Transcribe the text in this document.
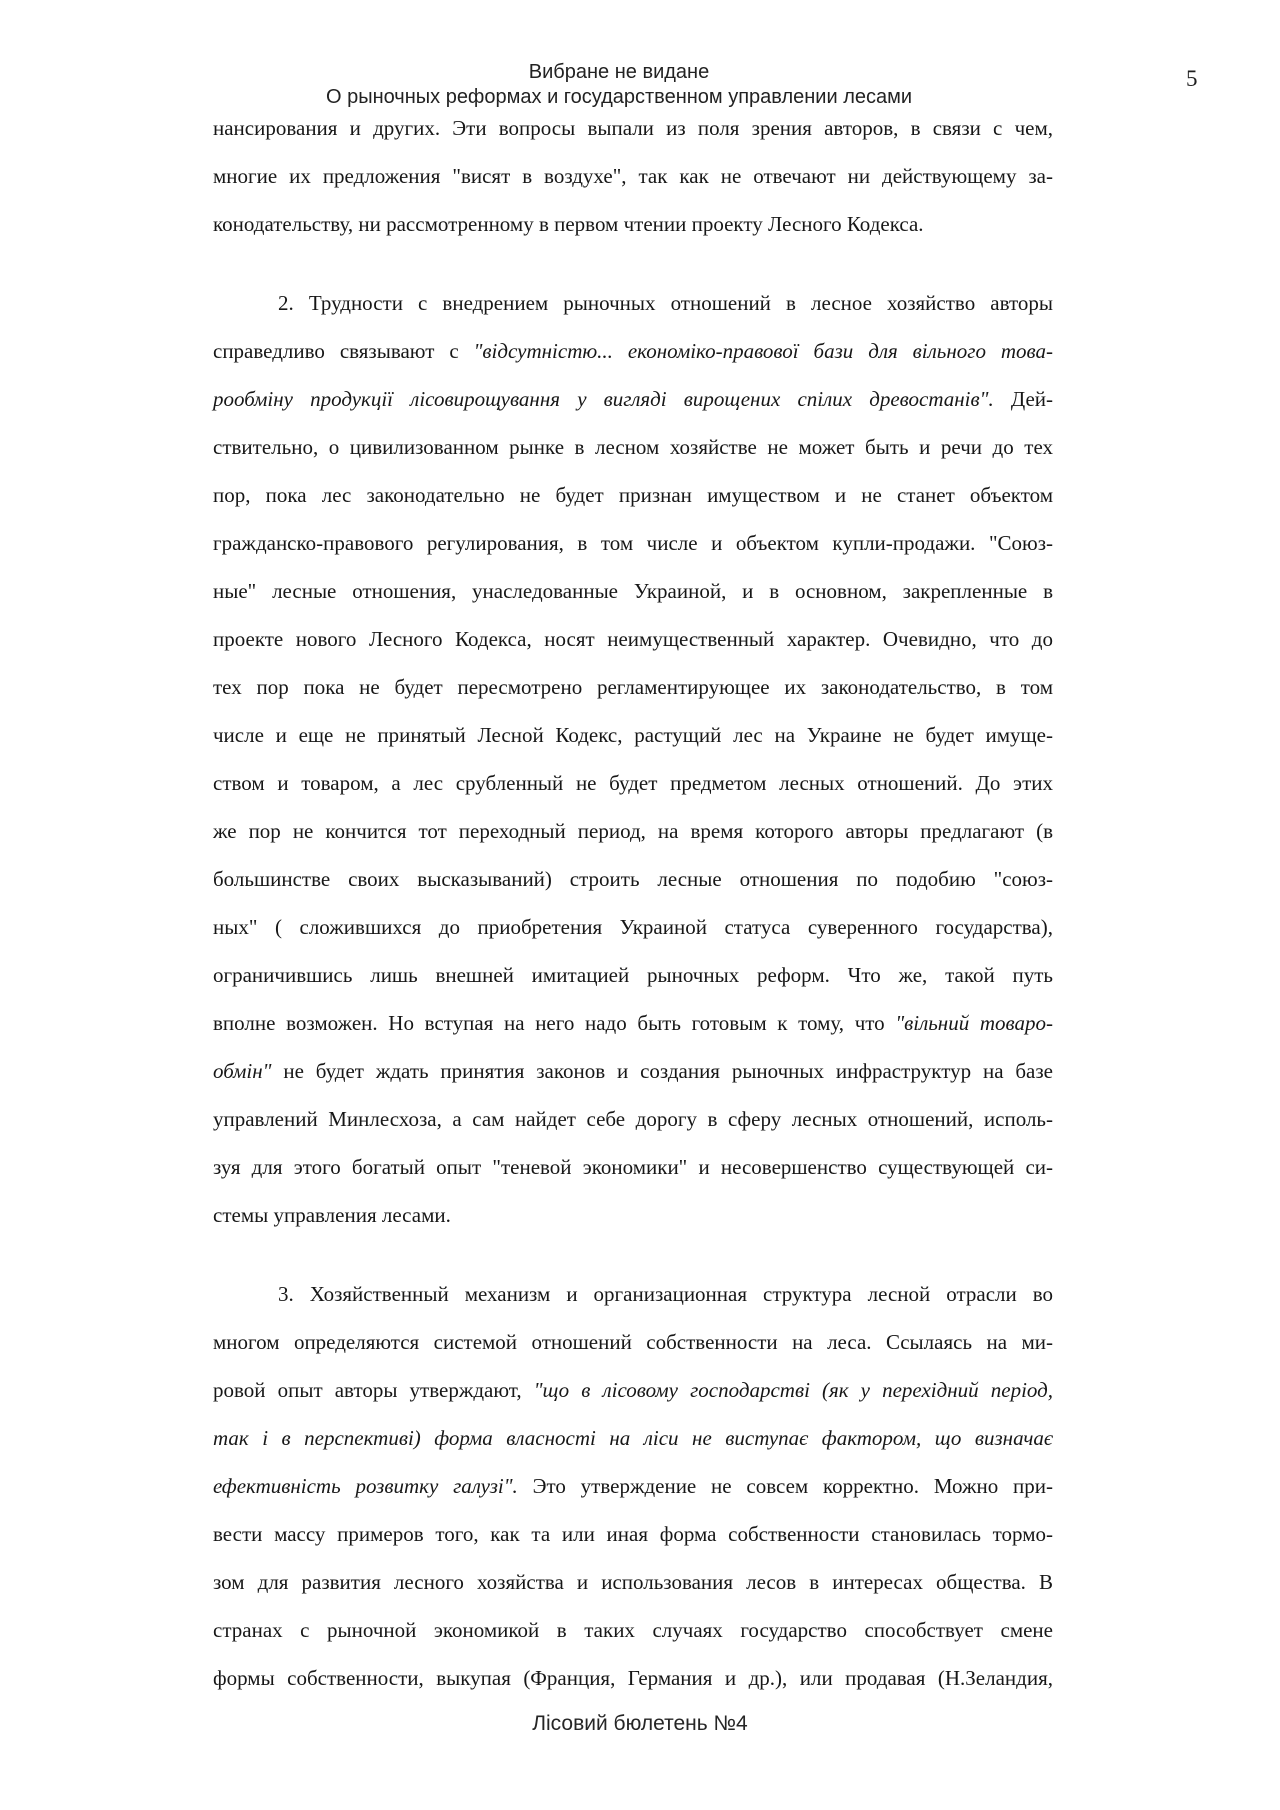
5
Вибране не видане
О рыночных реформах и государственном управлении лесами
нансирования и других. Эти вопросы выпали из поля зрения авторов, в связи с чем,
многие их предложения "висят в воздухе", так как не отвечают ни действующему за-
конодательству, ни рассмотренному в первом чтении проекту Лесного Кодекса.
2. Трудности с внедрением рыночных отношений в лесное хозяйство авторы
справедливо связывают с "відсутністю... економіко-правової бази для вільного това-
рообміну продукції лісовирощування у вигляді вирощених спілих древостанів". Дей-
ствительно, о цивилизованном рынке в лесном хозяйстве не может быть и речи до тех
пор, пока лес законодательно не будет признан имуществом и не станет объектом
гражданско-правового регулирования, в том числе и объектом купли-продажи. "Союз-
ные" лесные отношения, унаследованные Украиной, и в основном, закрепленные в
проекте нового Лесного Кодекса, носят неимущественный характер. Очевидно, что до
тех пор пока не будет пересмотрено регламентирующее их законодательство, в том
числе и еще не принятый Лесной Кодекс, растущий лес на Украине не будет имуще-
ством и товаром, а лес срубленный не будет предметом лесных отношений. До этих
же пор не кончится тот переходный период, на время которого авторы предлагают (в
большинстве своих высказываний) строить лесные отношения по подобию "союз-
ных" ( сложившихся до приобретения Украиной статуса суверенного государства),
ограничившись лишь внешней имитацией рыночных реформ. Что же, такой путь
вполне возможен. Но вступая на него надо быть готовым к тому, что "вільний товаро-
обмін" не будет ждать принятия законов и создания рыночных инфраструктур на базе
управлений Минлесхоза, а сам найдет себе дорогу в сферу лесных отношений, исполь-
зуя для этого богатый опыт "теневой экономики" и несовершенство существующей си-
стемы управления лесами.
3. Хозяйственный механизм и организационная структура лесной отрасли во
многом определяются системой отношений собственности на леса. Ссылаясь на ми-
ровой опыт авторы утверждают, "що в лісовому господарстві (як у перехідний період,
так і в перспективі) форма власності на ліси не виступає фактором, що визначає
ефективність розвитку галузі". Это утверждение не совсем корректно. Можно при-
вести массу примеров того, как та или иная форма собственности становилась тормо-
зом для развития лесного хозяйства и использования лесов в интересах общества. В
странах с рыночной экономикой в таких случаях государство способствует смене
формы собственности, выкупая (Франция, Германия и др.), или продавая (Н.Зеландия,
Лісовий бюлетень №4
